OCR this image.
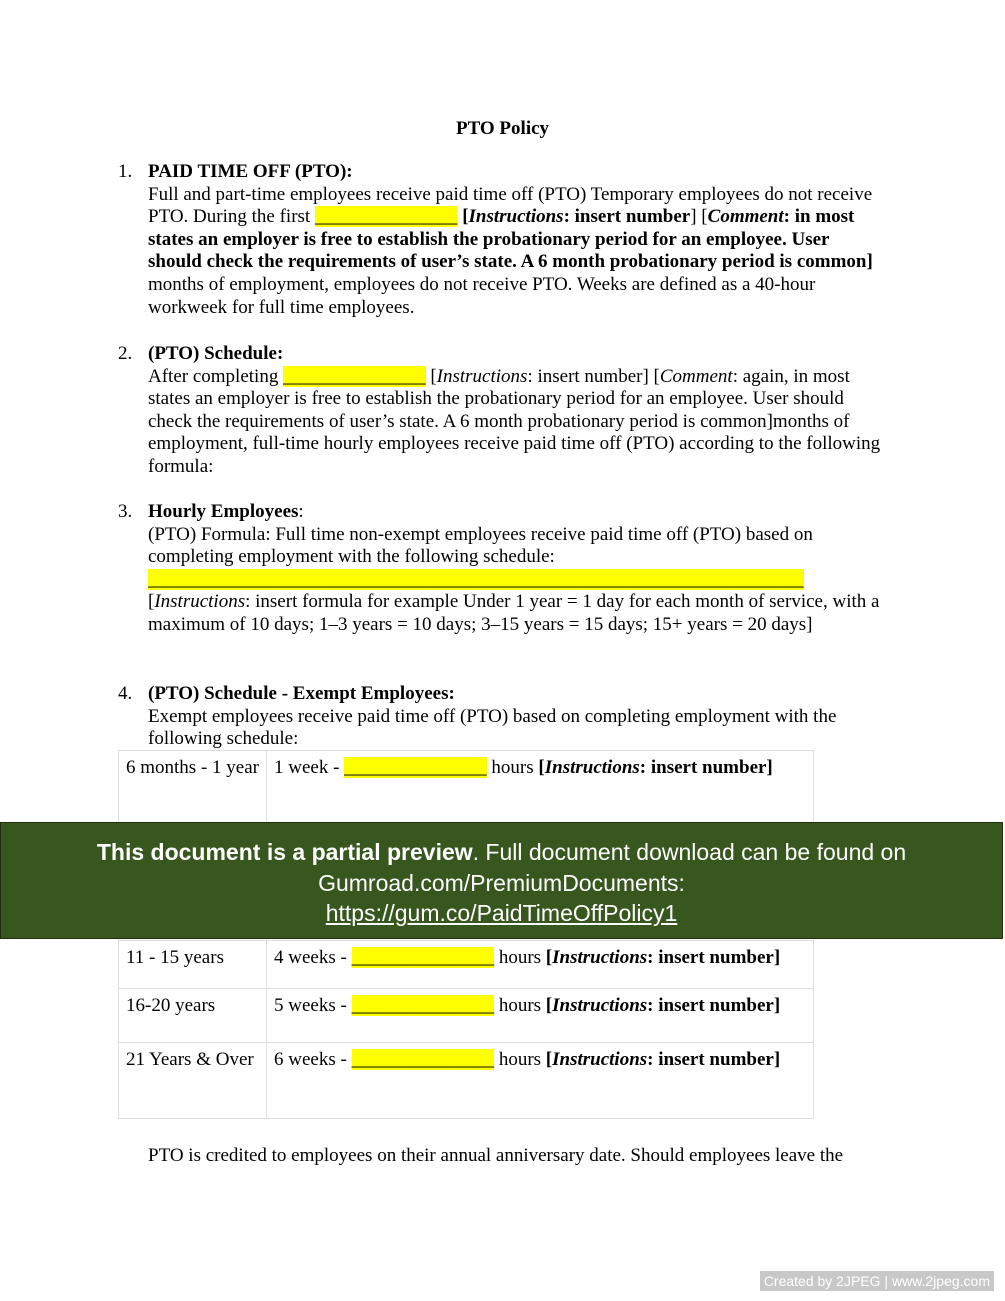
PTO Policy
1. PAID TIME OFF (PTO):
Full and part-time employees receive paid time off (PTO) Temporary employees do not receive PTO. During the first _______________ [Instructions: insert number] [Comment: in most states an employer is free to establish the probationary period for an employee. User should check the requirements of user’s state. A 6 month probationary period is common] months of employment, employees do not receive PTO. Weeks are defined as a 40-hour workweek for full time employees.
2. (PTO) Schedule:
After completing _______________ [Instructions: insert number] [Comment: again, in most states an employer is free to establish the probationary period for an employee. User should check the requirements of user’s state. A 6 month probationary period is common]months of employment, full-time hourly employees receive paid time off (PTO) according to the following formula:
3. Hourly Employees:
(PTO) Formula: Full time non-exempt employees receive paid time off (PTO) based on completing employment with the following schedule:
_____________________________________________________________________
[Instructions: insert formula for example Under 1 year = 1 day for each month of service, with a maximum of 10 days; 1–3 years = 10 days; 3–15 years = 15 days; 15+ years = 20 days]
4. (PTO) Schedule - Exempt Employees:
Exempt employees receive paid time off (PTO) based on completing employment with the following schedule:
6 months - 1 year	1 week - _______________ hours [Instructions: insert number]

11 - 15 years	4 weeks - _______________ hours [Instructions: insert number]
16-20 years	5 weeks - _______________ hours [Instructions: insert number]
21 Years & Over	6 weeks - _______________ hours [Instructions: insert number]
PTO is credited to employees on their annual anniversary date. Should employees leave the
This document is a partial preview. Full document download can be found on Gumroad.com/PremiumDocuments:
https://gum.co/PaidTimeOffPolicy1
Created by 2JPEG | www.2jpeg.com
